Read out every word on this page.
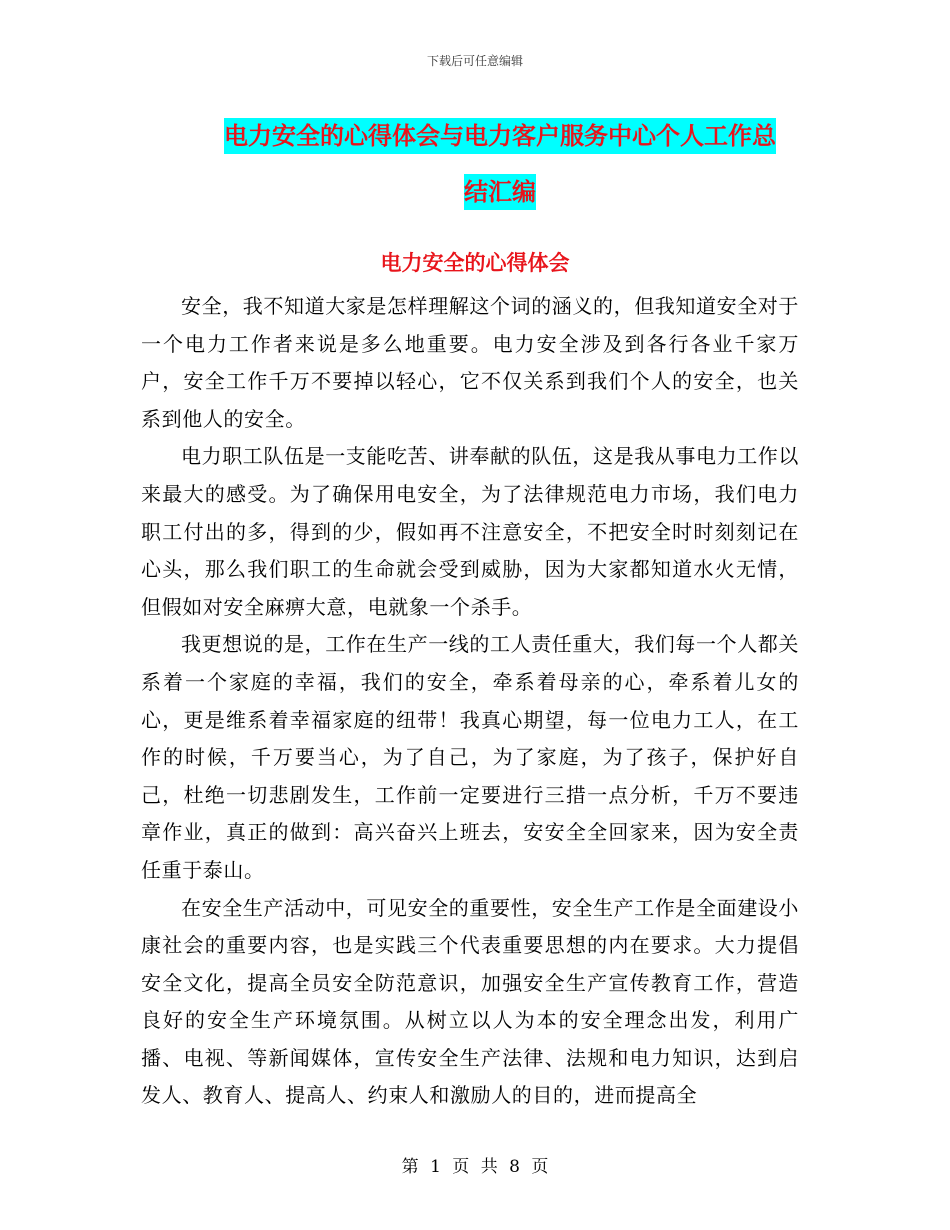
下载后可任意编辑
电力安全的心得体会与电力客户服务中心个人工作总
结汇编
电力安全的心得体会

安全，我不知道大家是怎样理解这个词的涵义的，但我知道安全对于一个电力工作者来说是多么地重要。电力安全涉及到各行各业千家万户，安全工作千万不要掉以轻心，它不仅关系到我们个人的安全，也关系到他人的安全。

电力职工队伍是一支能吃苦、讲奉献的队伍，这是我从事电力工作以来最大的感受。为了确保用电安全，为了法律规范电力市场，我们电力职工付出的多，得到的少，假如再不注意安全，不把安全时时刻刻记在心头，那么我们职工的生命就会受到威胁，因为大家都知道水火无情，但假如对安全麻痹大意，电就象一个杀手。

我更想说的是，工作在生产一线的工人责任重大，我们每一个人都关系着一个家庭的幸福，我们的安全，牵系着母亲的心，牵系着儿女的心，更是维系着幸福家庭的纽带！我真心期望，每一位电力工人，在工作的时候，千万要当心，为了自己，为了家庭，为了孩子，保护好自己，杜绝一切悲剧发生，工作前一定要进行三措一点分析，千万不要违章作业，真正的做到：高兴奋兴上班去，安安全全回家来，因为安全责任重于泰山。

在安全生产活动中，可见安全的重要性，安全生产工作是全面建设小康社会的重要内容，也是实践三个代表重要思想的内在要求。大力提倡安全文化，提高全员安全防范意识，加强安全生产宣传教育工作，营造良好的安全生产环境氛围。从树立以人为本的安全理念出发，利用广播、电视、等新闻媒体，宣传安全生产法律、法规和电力知识，达到启发人、教育人、提高人、约束人和激励人的目的，进而提高全

第 1 页 共 8 页
